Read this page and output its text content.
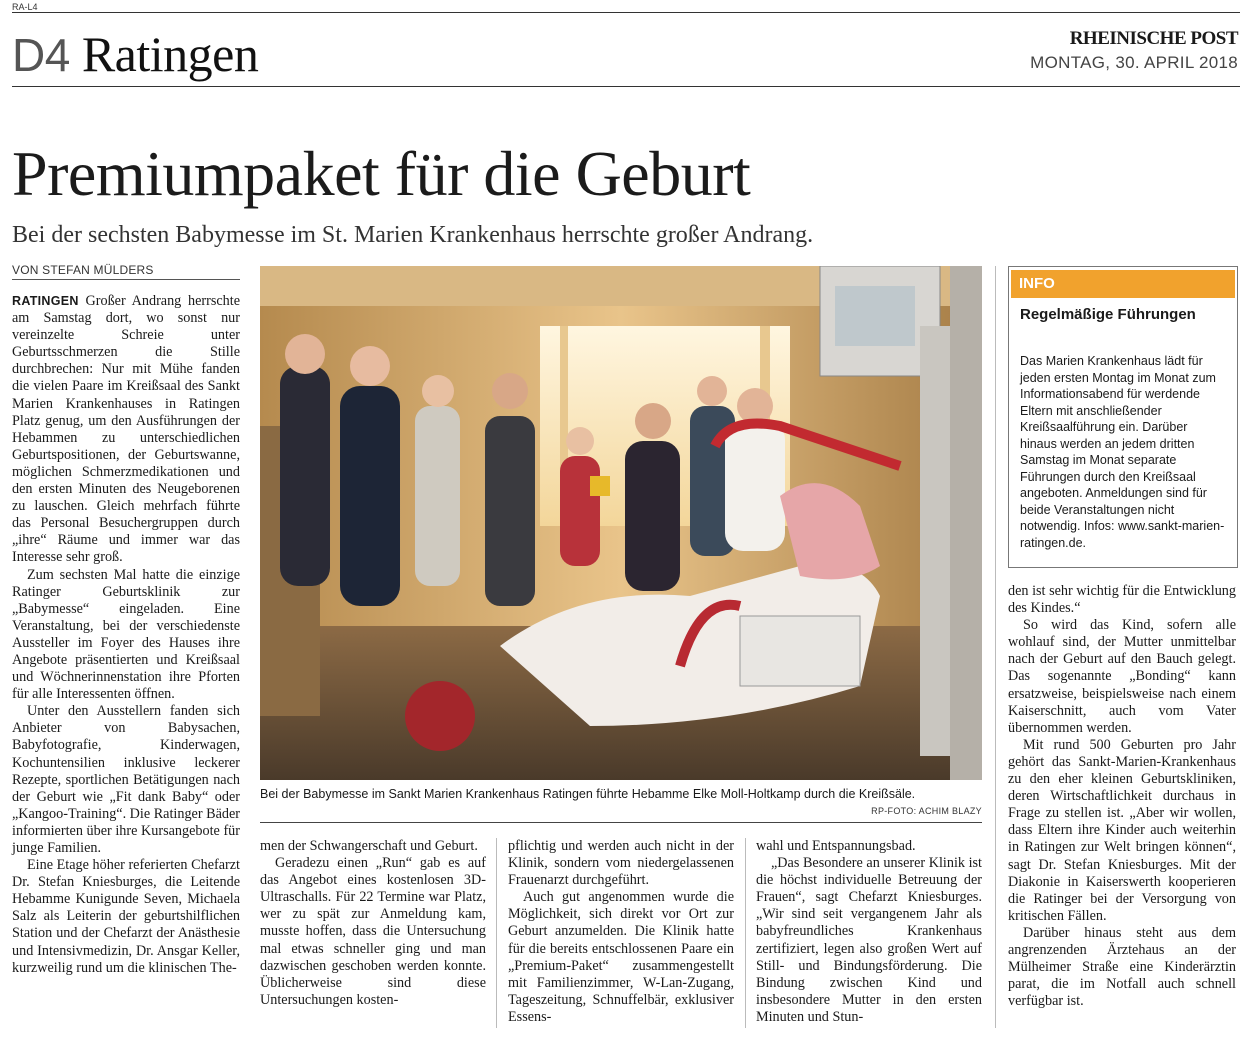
RA-L4
D4 Ratingen	RHEINISCHE POST
MONTAG, 30. APRIL 2018
Premiumpaket für die Geburt
Bei der sechsten Babymesse im St. Marien Krankenhaus herrschte großer Andrang.
VON STEFAN MÜLDERS

RATINGEN Großer Andrang herrschte am Samstag dort, wo sonst nur vereinzelte Schreie unter Geburtsschmerzen die Stille durchbrechen: Nur mit Mühe fanden die vielen Paare im Kreißsaal des Sankt Marien Krankenhauses in Ratingen Platz genug, um den Ausführungen der Hebammen zu unterschiedlichen Geburtspositionen, der Geburtswanne, möglichen Schmerzmedikationen und den ersten Minuten des Neugeborenen zu lauschen. Gleich mehrfach führte das Personal Besuchergruppen durch „ihre“ Räume und immer war das Interesse sehr groß.

Zum sechsten Mal hatte die einzige Ratinger Geburtsklinik zur „Babymesse“ eingeladen. Eine Veranstaltung, bei der verschiedenste Aussteller im Foyer des Hauses ihre Angebote präsentierten und Kreißsaal und Wöchnerinnenstation ihre Pforten für alle Interessenten öffnen.

Unter den Ausstellern fanden sich Anbieter von Babysachen, Babyfotografie, Kinderwagen, Kochuntensilien inklusive leckerer Rezepte, sportlichen Betätigungen nach der Geburt wie „Fit dank Baby“ oder „Kangoo-Training“. Die Ratinger Bäder informierten über ihre Kursangebote für junge Familien.

Eine Etage höher referierten Chefarzt Dr. Stefan Kniesburges, die Leitende Hebamme Kunigunde Seven, Michaela Salz als Leiterin der geburtshilflichen Station und der Chefarzt der Anästhesie und Intensivmedizin, Dr. Ansgar Keller, kurzweilig rund um die klinischen The-

Bei der Babymesse im Sankt Marien Krankenhaus Ratingen führte Hebamme Elke Moll-Holtkamp durch die Kreißsäle.
RP-FOTO: ACHIM BLAZY

men der Schwangerschaft und Geburt.

Geradezu einen „Run“ gab es auf das Angebot eines kostenlosen 3D-Ultraschalls. Für 22 Termine war Platz, wer zu spät zur Anmeldung kam, musste hoffen, dass die Untersuchung mal etwas schneller ging und man dazwischen geschoben werden konnte. Üblicherweise sind diese Untersuchungen kosten-

pflichtig und werden auch nicht in der Klinik, sondern vom niedergelassenen Frauenarzt durchgeführt.

Auch gut angenommen wurde die Möglichkeit, sich direkt vor Ort zur Geburt anzumelden. Die Klinik hatte für die bereits entschlossenen Paare ein „Premium-Paket“ zusammengestellt mit Familienzimmer, W-Lan-Zugang, Tageszeitung, Schnuffelbär, exklusiver Essens-

wahl und Entspannungsbad.

„Das Besondere an unserer Klinik ist die höchst individuelle Betreuung der Frauen“, sagt Chefarzt Kniesburges. „Wir sind seit vergangenem Jahr als babyfreundliches Krankenhaus zertifiziert, legen also großen Wert auf Still- und Bindungsförderung. Die Bindung zwischen Kind und insbesondere Mutter in den ersten Minuten und Stun-

INFO
Regelmäßige Führungen
Das Marien Krankenhaus lädt für jeden ersten Montag im Monat zum Informationsabend für werdende Eltern mit anschließender Kreißsaalführung ein. Darüber hinaus werden an jedem dritten Samstag im Monat separate Führungen durch den Kreißsaal angeboten. Anmeldungen sind für beide Veranstaltungen nicht notwendig. Infos: www.sankt-marien-ratingen.de.

den ist sehr wichtig für die Entwicklung des Kindes.“

So wird das Kind, sofern alle wohlauf sind, der Mutter unmittelbar nach der Geburt auf den Bauch gelegt. Das sogenannte „Bonding“ kann ersatzweise, beispielsweise nach einem Kaiserschnitt, auch vom Vater übernommen werden.

Mit rund 500 Geburten pro Jahr gehört das Sankt-Marien-Krankenhaus zu den eher kleinen Geburtskliniken, deren Wirtschaftlichkeit durchaus in Frage zu stellen ist. „Aber wir wollen, dass Eltern ihre Kinder auch weiterhin in Ratingen zur Welt bringen können“, sagt Dr. Stefan Kniesburges. Mit der Diakonie in Kaiserswerth kooperieren die Ratinger bei der Versorgung von kritischen Fällen.

Darüber hinaus steht aus dem angrenzenden Ärztehaus an der Mülheimer Straße eine Kinderärztin parat, die im Notfall auch schnell verfügbar ist.
